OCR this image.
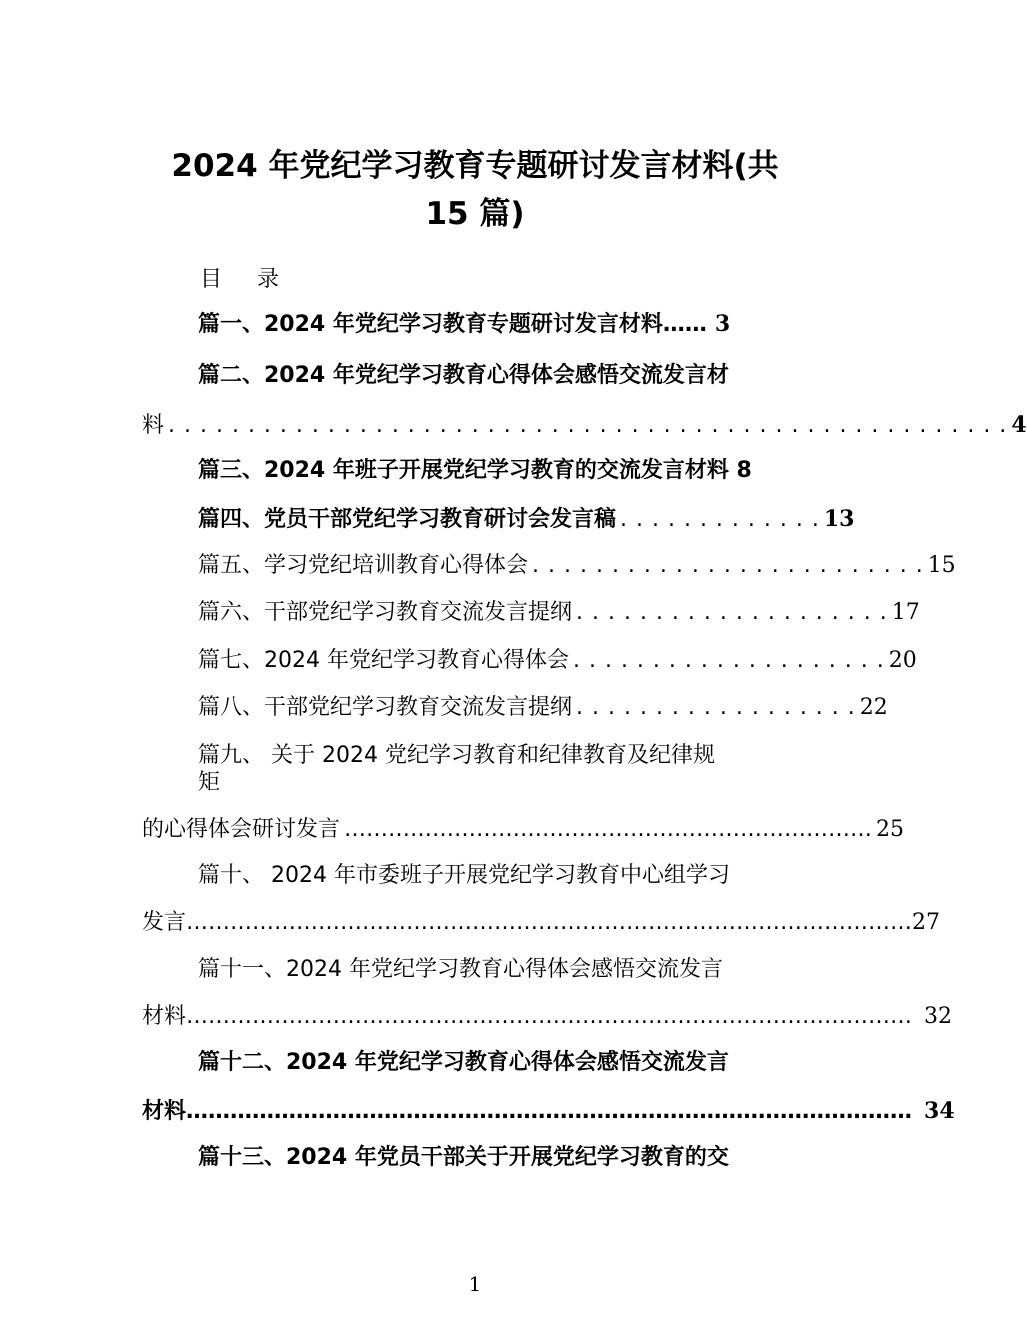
2024 年党纪学习教育专题研讨发言材料(共
15 篇)
目 录
篇一、2024 年党纪学习教育专题研讨发言材料 …… 3
篇二、2024 年党纪学习教育心得体会感悟交流发言材
料 . . . . . . . . . . . . . . . . . . . . . . . . . . . . . . . . . . . . . . . . . . . . . . . . . . . . . 4
篇三、2024 年班子开展党纪学习教育的交流发言材料 8
篇四、党员干部党纪学习教育研讨会发言稿 . . . . . . . . . . . . . 13
篇五、学习党纪培训教育心得体会 . . . . . . . . . . . . . . . . . . . . . . . . . 15
篇六、干部党纪学习教育交流发言提纲 . . . . . . . . . . . . . . . . . . . . 17
篇七、2024 年党纪学习教育心得体会 . . . . . . . . . . . . . . . . . . . . 20
篇八、干部党纪学习教育交流发言提纲 . . . . . . . . . . . . . . . . . . 22
篇九、 关于 2024 党纪学习教育和纪律教育及纪律规
矩
的心得体会研讨发言 ……………………………………………………………… 25
篇十、 2024 年市委班子开展党纪学习教育中心组学习
发言 ……………………………………………………………………………………… 27
篇十一、2024 年党纪学习教育心得体会感悟交流发言
材料 ……………………………………………………………………………………… 32
篇十二、2024 年党纪学习教育心得体会感悟交流发言
材料 ……………………………………………………………………………………… 34
篇十三、2024 年党员干部关于开展党纪学习教育的交
1
